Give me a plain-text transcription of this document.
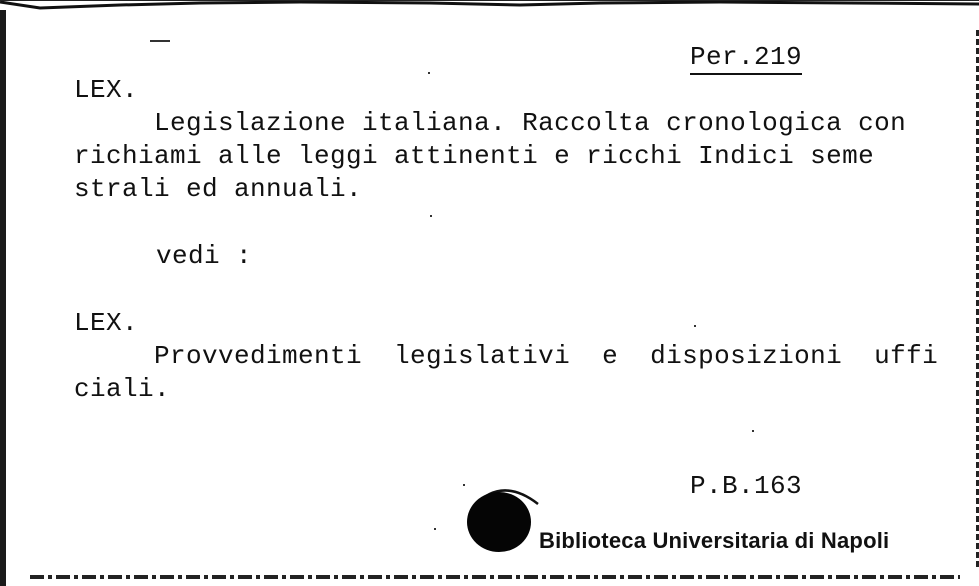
Per.219
LEX.
Legislazione italiana. Raccolta cronologica con
richiami alle leggi attinenti e ricchi Indici seme
strali ed annuali.
vedi :
LEX.
Provvedimenti  legislativi  e  disposizioni  uffi
ciali.
P.B.163
Biblioteca Universitaria di Napoli
